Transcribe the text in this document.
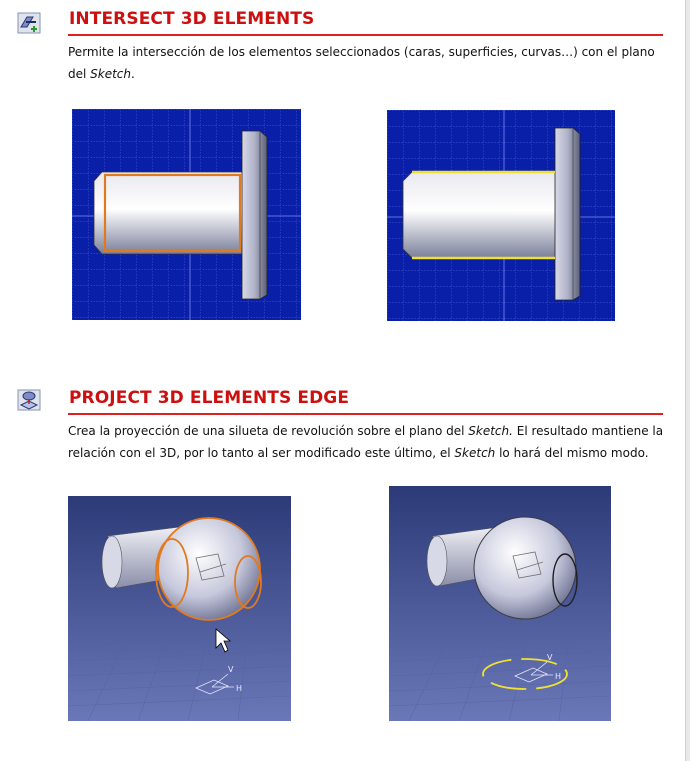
INTERSECT 3D ELEMENTS
Permite la intersección de los elementos seleccionados (caras, superficies, curvas…) con el plano del Sketch.
PROJECT 3D ELEMENTS EDGE
Crea la proyección de una silueta de revolución sobre el plano del Sketch. El resultado mantiene la relación con el 3D, por lo tanto al ser modificado este último, el Sketch lo hará del mismo modo.
H
V
H
V
